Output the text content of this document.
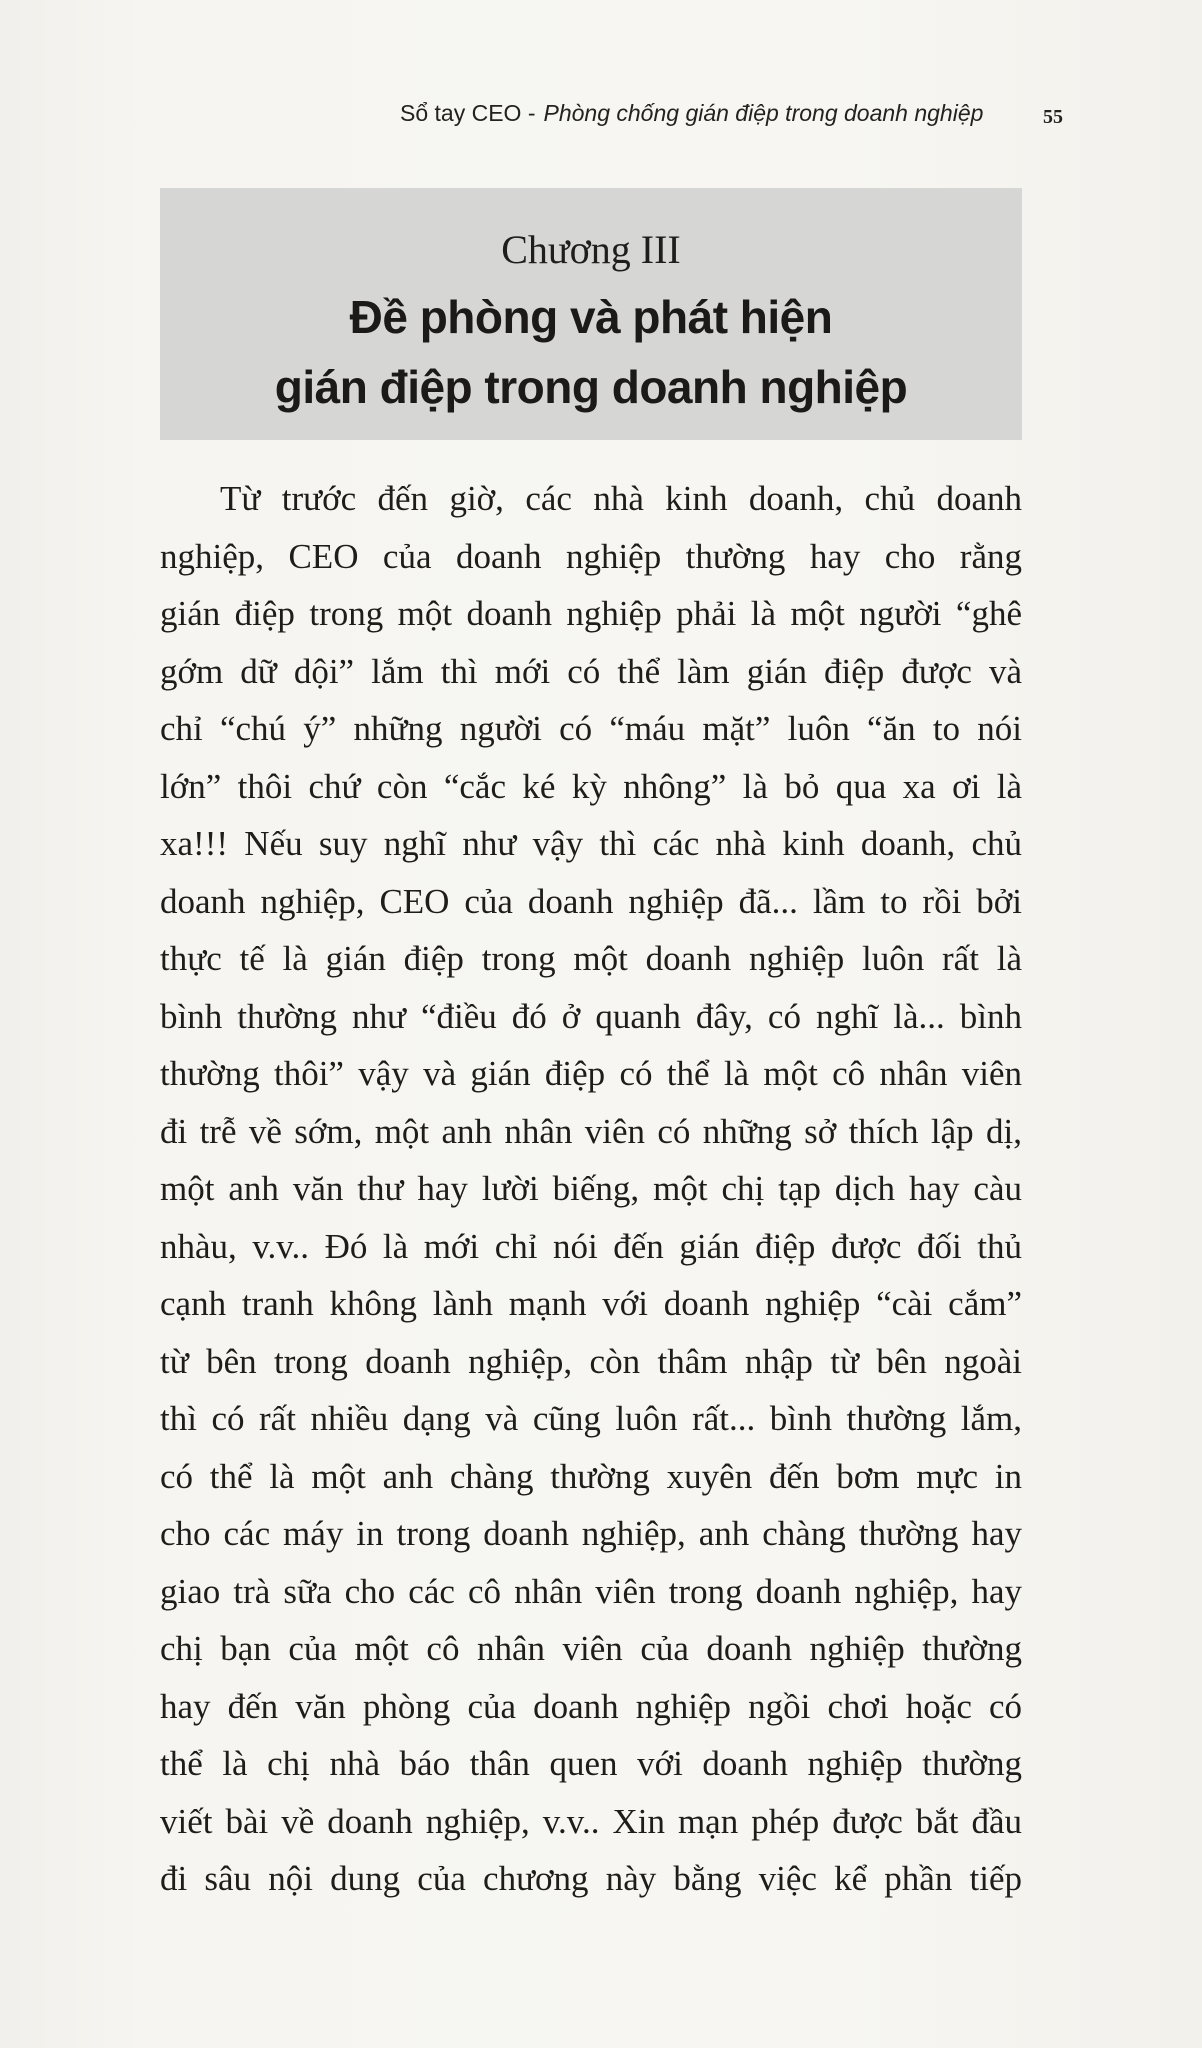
Sổ tay CEO - Phòng chống gián điệp trong doanh nghiệp	55
Chương III
Đề phòng và phát hiện
gián điệp trong doanh nghiệp
Từ trước đến giờ, các nhà kinh doanh, chủ doanh
nghiệp, CEO của doanh nghiệp thường hay cho rằng
gián điệp trong một doanh nghiệp phải là một người “ghê
gớm dữ dội” lắm thì mới có thể làm gián điệp được và
chỉ “chú ý” những người có “máu mặt” luôn “ăn to nói
lớn” thôi chứ còn “cắc ké kỳ nhông” là bỏ qua xa ơi là
xa!!! Nếu suy nghĩ như vậy thì các nhà kinh doanh, chủ
doanh nghiệp, CEO của doanh nghiệp đã... lầm to rồi bởi
thực tế là gián điệp trong một doanh nghiệp luôn rất là
bình thường như “điều đó ở quanh đây, có nghĩ là... bình
thường thôi” vậy và gián điệp có thể là một cô nhân viên
đi trễ về sớm, một anh nhân viên có những sở thích lập dị,
một anh văn thư hay lười biếng, một chị tạp dịch hay càu
nhàu, v.v.. Đó là mới chỉ nói đến gián điệp được đối thủ
cạnh tranh không lành mạnh với doanh nghiệp “cài cắm”
từ bên trong doanh nghiệp, còn thâm nhập từ bên ngoài
thì có rất nhiều dạng và cũng luôn rất... bình thường lắm,
có thể là một anh chàng thường xuyên đến bơm mực in
cho các máy in trong doanh nghiệp, anh chàng thường hay
giao trà sữa cho các cô nhân viên trong doanh nghiệp, hay
chị bạn của một cô nhân viên của doanh nghiệp thường
hay đến văn phòng của doanh nghiệp ngồi chơi hoặc có
thể là chị nhà báo thân quen với doanh nghiệp thường
viết bài về doanh nghiệp, v.v.. Xin mạn phép được bắt đầu
đi sâu nội dung của chương này bằng việc kể phần tiếp
